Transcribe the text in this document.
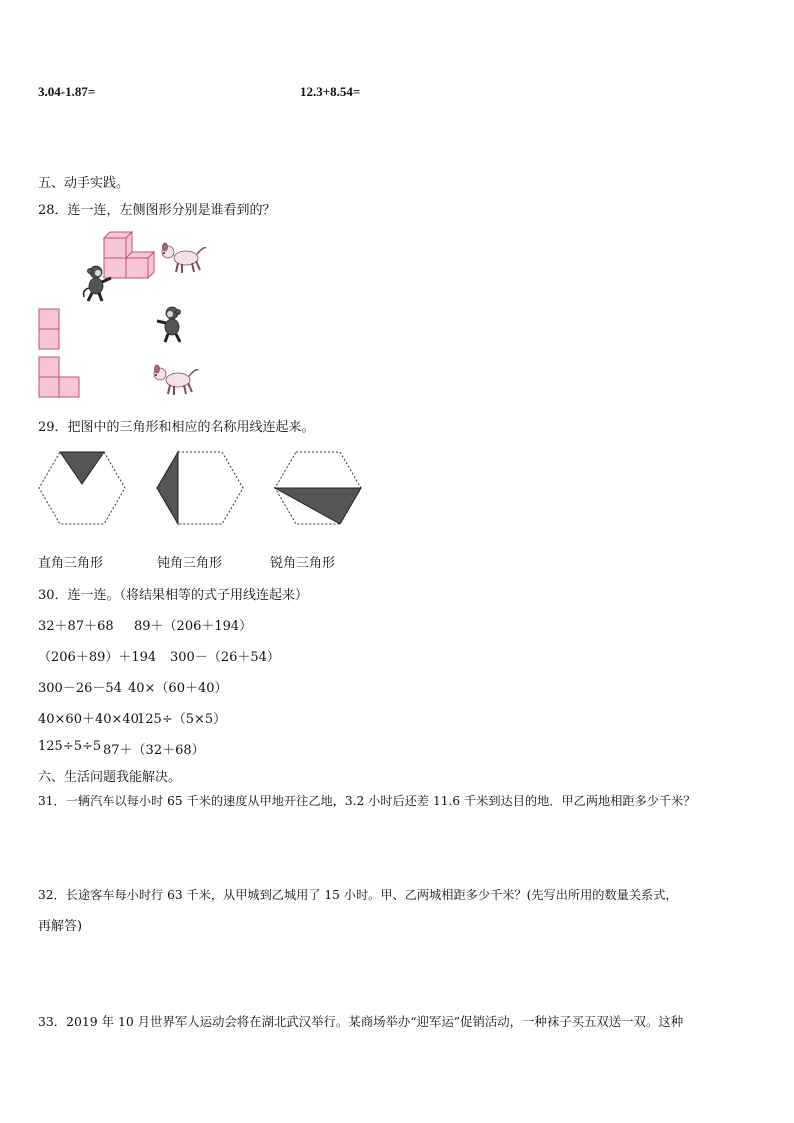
3.04-1.87=	12.3+8.54=
五、动手实践。
28．连一连，左侧图形分别是谁看到的？
29．把图中的三角形和相应的名称用线连起来。
直角三角形	钝角三角形	锐角三角形
30．连一连。（将结果相等的式子用线连起来）
32＋87＋68 89＋（206＋194）
（206＋89）＋194 300－（26＋54）
300－26－54 40×（60＋40）
40×60＋40×40
125÷（5×5）
125÷5÷5 87＋（32＋68）
六、生活问题我能解决。
31．一辆汽车以每小时 65 千米的速度从甲地开往乙地，3.2 小时后还差 11.6 千米到达目的地．甲乙两地相距多少千米？
32．长途客车每小时行 63 千米，从甲城到乙城用了 15 小时。甲、乙两城相距多少千米？(先写出所用的数量关系式，
再解答)
33．2019 年 10 月世界军人运动会将在湖北武汉举行。某商场举办“迎军运”促销活动，一种袜子买五双送一双。这种
